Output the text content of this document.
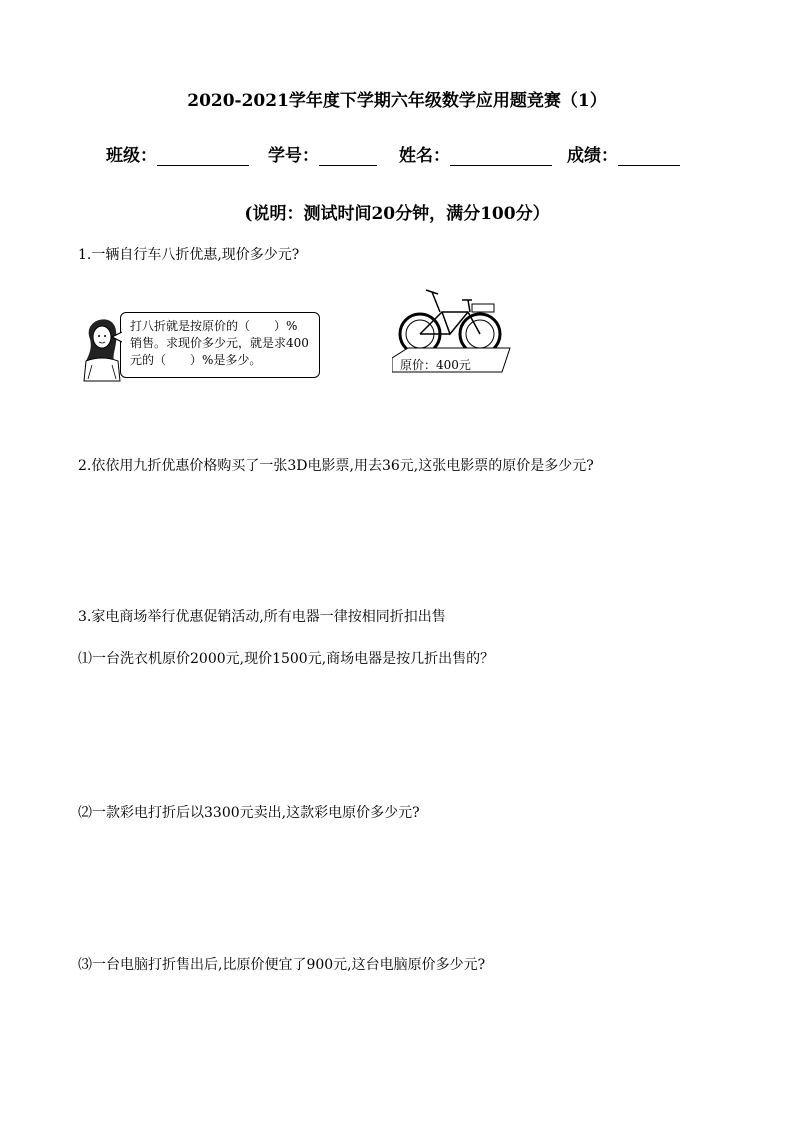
2020-2021学年度下学期六年级数学应用题竞赛（1）
班级：	学号：	姓名：	成绩：
(说明：测试时间20分钟，满分100分）
1.一辆自行车八折优惠,现价多少元?
打八折就是按原价的（　　）%
销售。求现价多少元，就是求400
元的（　　）%是多少。	原价：400元
2.依依用九折优惠价格购买了一张3D电影票,用去36元,这张电影票的原价是多少元?
3.家电商场举行优惠促销活动,所有电器一律按相同折扣出售
⑴一台洗衣机原价2000元,现价1500元,商场电器是按几折出售的？
⑵一款彩电打折后以3300元卖出,这款彩电原价多少元?
⑶一台电脑打折售出后,比原价便宜了900元,这台电脑原价多少元?
